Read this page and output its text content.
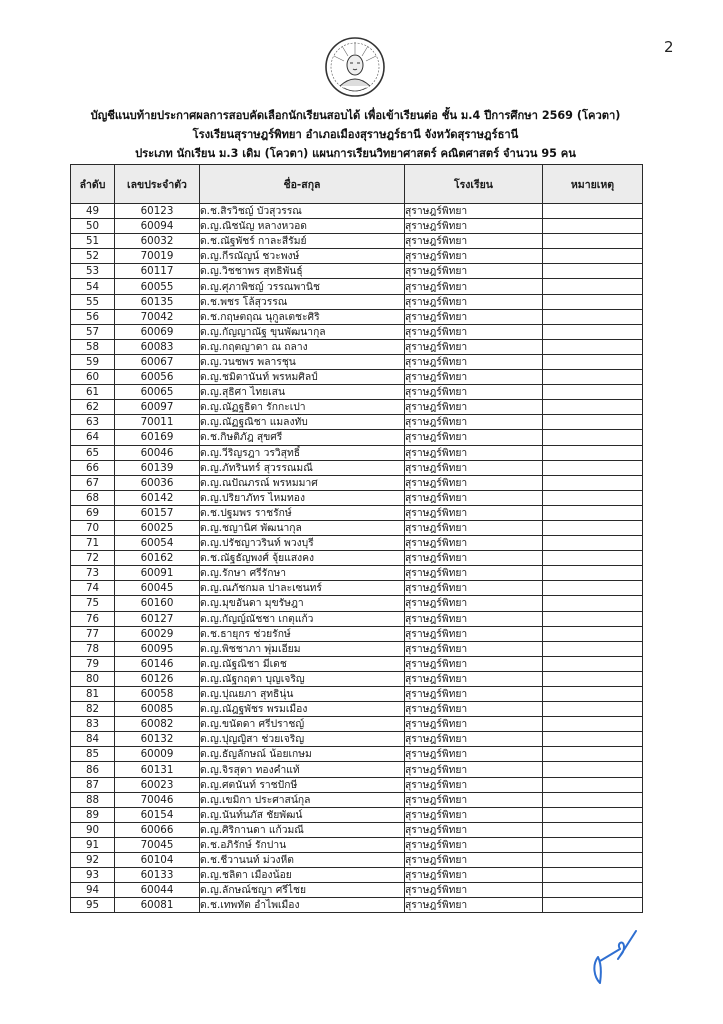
2
บัญชีแนบท้ายประกาศผลการสอบคัดเลือกนักเรียนสอบได้ เพื่อเข้าเรียนต่อ ชั้น ม.4 ปีการศึกษา 2569 (โควตา)
โรงเรียนสุราษฎร์พิทยา อำเภอเมืองสุราษฎร์ธานี จังหวัดสุราษฎร์ธานี
ประเภท นักเรียน ม.3 เดิม (โควตา) แผนการเรียนวิทยาศาสตร์ คณิตศาสตร์ จำนวน 95 คน
ลำดับ	เลขประจำตัว	ชื่อ-สกุล	โรงเรียน	หมายเหตุ
49	60123	ด.ช.สิรวิชญ์ บัวสุวรรณ	สุราษฎร์พิทยา	
50	60094	ด.ญ.ณิชนัญ หลางหวอด	สุราษฎร์พิทยา	
51	60032	ด.ช.ณัฐพัชร์ กาละสีรัมย์	สุราษฎร์พิทยา	
52	70019	ด.ญ.กีรณัญน์ ชวะพงษ์	สุราษฎร์พิทยา	
53	60117	ด.ญ.วิชชาพร สุทธิพันธุ์	สุราษฎร์พิทยา	
54	60055	ด.ญ.ศุภาพิชญ์ วรรณพานิช	สุราษฎร์พิทยา	
55	60135	ด.ช.พชร โล้สุวรรณ	สุราษฎร์พิทยา	
56	70042	ด.ช.กฤษตฤณ นุกูลเตชะศิริ	สุราษฎร์พิทยา	
57	60069	ด.ญ.กัญญาณัฐ ขุนพัฒนากุล	สุราษฎร์พิทยา	
58	60083	ด.ญ.กฤตญาดา ณ ถลาง	สุราษฎร์พิทยา	
59	60067	ด.ญ.วนชพร พลารชุน	สุราษฎร์พิทยา	
60	60056	ด.ญ.ชมิตานันท์ พรหมศิลป์	สุราษฎร์พิทยา	
61	60065	ด.ญ.สุธิศา ไทยเสน	สุราษฎร์พิทยา	
62	60097	ด.ญ.ณัฏฐธิดา รักกะเปา	สุราษฎร์พิทยา	
63	70011	ด.ญ.ณัฏฐณิชา แมลงทับ	สุราษฎร์พิทยา	
64	60169	ด.ช.กิษติภัฎ สุขศรี	สุราษฎร์พิทยา	
65	60046	ด.ญ.วีริญรฎา วรวิสุทธิ์	สุราษฎร์พิทยา	
66	60139	ด.ญ.ภัทรินทร์ สุวรรณมณี	สุราษฎร์พิทยา	
67	60036	ด.ญ.ณปัณภรณ์ พรหมมาศ	สุราษฎร์พิทยา	
68	60142	ด.ญ.ปริยาภัทร ไหมทอง	สุราษฎร์พิทยา	
69	60157	ด.ช.ปฐมพร ราชรักษ์	สุราษฎร์พิทยา	
70	60025	ด.ญ.ชญานิศ พัฒนากุล	สุราษฎร์พิทยา	
71	60054	ด.ญ.ปรัชญาวรินท์ พวงบุรี	สุราษฎร์พิทยา	
72	60162	ด.ช.ณัฐธัญพงศ์ จุ้ยแสงคง	สุราษฎร์พิทยา	
73	60091	ด.ญ.รักษา ศรีรักษา	สุราษฎร์พิทยา	
74	60045	ด.ญ.ณภัชกมล ปาละเซนทร์	สุราษฎร์พิทยา	
75	60160	ด.ญ.มุขอันดา มุขรัษฎา	สุราษฎร์พิทยา	
76	60127	ด.ญ.กัญญ์ณัชชา เกตุแก้ว	สุราษฎร์พิทยา	
77	60029	ด.ช.ธายุกร ช่วยรักษ์	สุราษฎร์พิทยา	
78	60095	ด.ญ.พิชชาภา พุ่มเอียม	สุราษฎร์พิทยา	
79	60146	ด.ญ.ณัฐณิชา มีเดช	สุราษฎร์พิทยา	
80	60126	ด.ญ.ณัฐกฤตา บุญเจริญ	สุราษฎร์พิทยา	
81	60058	ด.ญ.ปุณยภา สุทธินุ่น	สุราษฎร์พิทยา	
82	60085	ด.ญ.ณัฎฐพัชร พรมเมือง	สุราษฎร์พิทยา	
83	60082	ด.ญ.ขนัดดา ศรีปราชญ์	สุราษฎร์พิทยา	
84	60132	ด.ญ.ปุญญิสา ช่วยเจริญ	สุราษฎร์พิทยา	
85	60009	ด.ญ.ธัญลักษณ์ น้อยเกษม	สุราษฎร์พิทยา	
86	60131	ด.ญ.จิรสุดา ทองคำแท้	สุราษฎร์พิทยา	
87	60023	ด.ญ.ศตนันท์ ราชปักษี	สุราษฎร์พิทยา	
88	70046	ด.ญ.เขมิกา ประศาสน์กุล	สุราษฎร์พิทยา	
89	60154	ด.ญ.นันท์นภัส ชัยพัฒน์	สุราษฎร์พิทยา	
90	60066	ด.ญ.ศิริกานดา แก้วมณี	สุราษฎร์พิทยา	
91	70045	ด.ช.อภิรักษ์ รักปาน	สุราษฎร์พิทยา	
92	60104	ด.ช.ชีวานนท์ ม่วงหีต	สุราษฎร์พิทยา	
93	60133	ด.ญ.ชลิตา เมืองน้อย	สุราษฎร์พิทยา	
94	60044	ด.ญ.ลักษณ์ชญา ศรีไชย	สุราษฎร์พิทยา	
95	60081	ด.ช.เทพทัต อำไพเมือง	สุราษฎร์พิทยา	
